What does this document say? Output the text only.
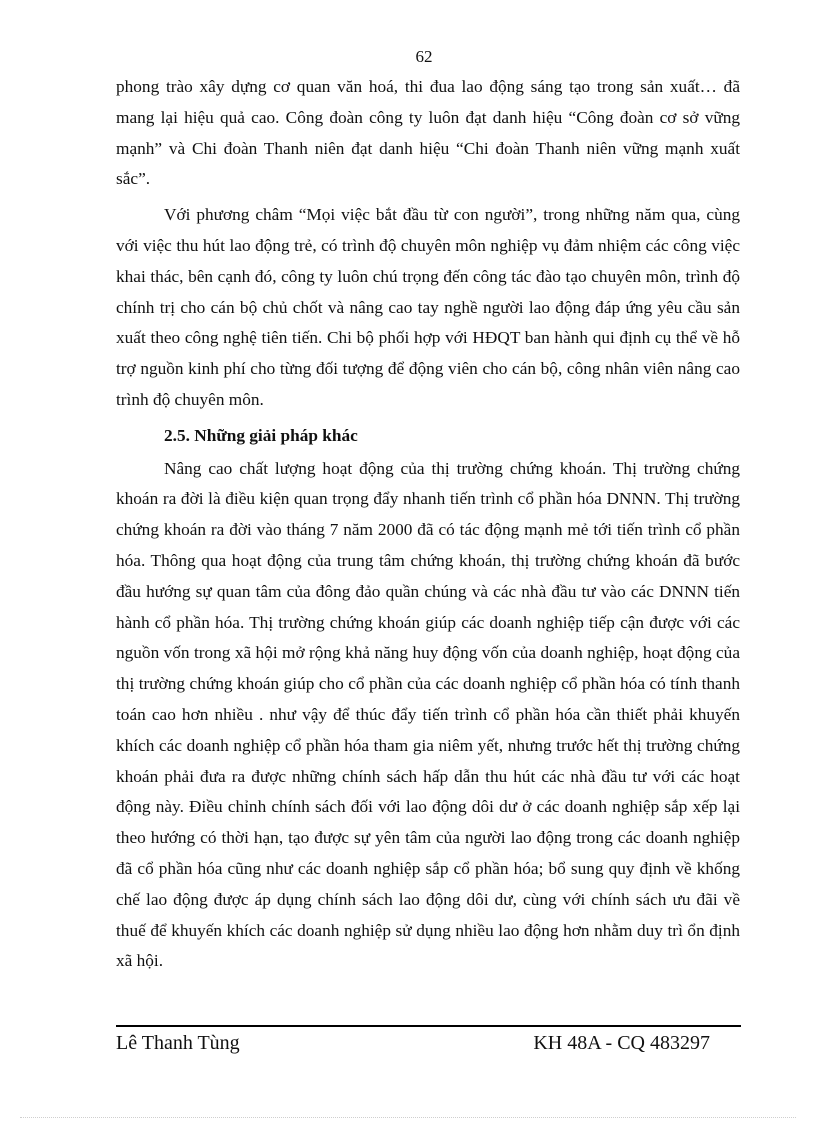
62

phong trào xây dựng cơ quan văn hoá, thi đua lao động sáng tạo trong sản xuất… đã mang lại hiệu quả cao. Công đoàn công ty luôn đạt danh hiệu “Công đoàn cơ sở vững mạnh” và Chi đoàn Thanh niên đạt danh hiệu “Chi đoàn Thanh niên vững mạnh xuất sắc”.

Với phương châm “Mọi việc bắt đầu từ con người”, trong những năm qua, cùng với việc thu hút lao động trẻ, có trình độ chuyên môn nghiệp vụ đảm nhiệm các công việc khai thác, bên cạnh đó, công ty luôn chú trọng đến công tác đào tạo chuyên môn, trình độ chính trị cho cán bộ chủ chốt và nâng cao tay nghề người lao động đáp ứng yêu cầu sản xuất theo công nghệ tiên tiến. Chi bộ phối hợp với HĐQT ban hành qui định cụ thể về hỗ trợ nguồn kinh phí cho từng đối tượng để động viên cho cán bộ, công nhân viên nâng cao trình độ chuyên môn.

2.5. Những giải pháp khác

Nâng cao chất lượng hoạt động của thị trường chứng khoán. Thị trường chứng khoán ra đời là điều kiện quan trọng đẩy nhanh tiến trình cổ phần hóa DNNN. Thị trường chứng khoán ra đời vào tháng 7 năm 2000 đã có tác động mạnh mẻ tới tiến trình cổ phần hóa. Thông qua hoạt động của trung tâm chứng khoán, thị trường chứng khoán đã bước đầu hướng sự quan tâm của đông đảo quần chúng và các nhà đầu tư vào các DNNN tiến hành cổ phần hóa. Thị trường chứng khoán giúp các doanh nghiệp tiếp cận được với các nguồn vốn trong xã hội mở rộng khả năng huy động vốn của doanh nghiệp, hoạt động của thị trường chứng khoán giúp cho cổ phần của các doanh nghiệp cổ phần hóa có tính thanh toán cao hơn nhiều . như vậy để thúc đẩy tiến trình cổ phần hóa cần thiết phải khuyến khích các doanh nghiệp cổ phần hóa tham gia niêm yết, nhưng trước hết thị trường chứng khoán phải đưa ra được những chính sách hấp dẫn thu hút các nhà đầu tư với các hoạt động này. Điều chỉnh chính sách đối với lao động dôi dư ở các doanh nghiệp sắp xếp lại theo hướng có thời hạn, tạo được sự yên tâm của người lao động trong các doanh nghiệp đã cổ phần hóa cũng như các doanh nghiệp sắp cổ phần hóa; bổ sung quy định về khống chế lao động được áp dụng chính sách lao động dôi dư, cùng với chính sách ưu đãi về thuế để khuyến khích các doanh nghiệp sử dụng nhiều lao động hơn nhằm duy trì ổn định xã hội.

Lê Thanh Tùng	KH 48A - CQ 483297
